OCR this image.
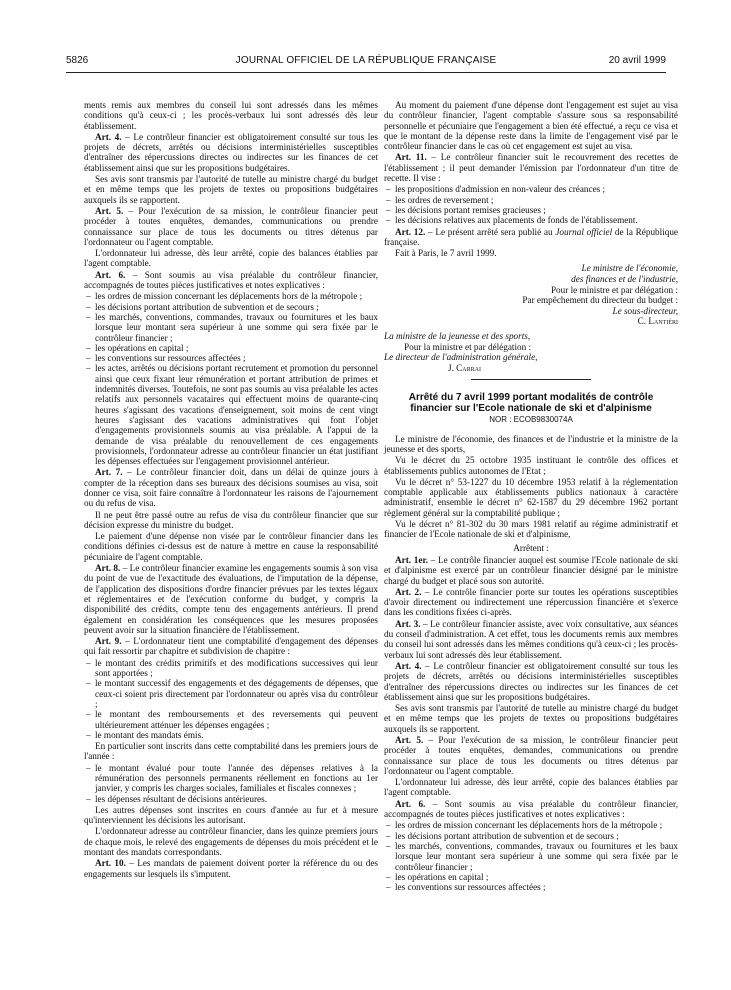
5826	JOURNAL OFFICIEL DE LA RÉPUBLIQUE FRANÇAISE	20 avril 1999

ments remis aux membres du conseil lui sont adressés dans les mêmes conditions qu'à ceux-ci ; les procès-verbaux lui sont adressés dès leur établissement.

Art. 4. – Le contrôleur financier est obligatoirement consulté sur tous les projets de décrets, arrêtés ou décisions interministérielles susceptibles d'entraîner des répercussions directes ou indirectes sur les finances de cet établissement ainsi que sur les propositions budgétaires.

Ses avis sont transmis par l'autorité de tutelle au ministre chargé du budget et en même temps que les projets de textes ou propositions budgétaires auxquels ils se rapportent.

Art. 5. – Pour l'exécution de sa mission, le contrôleur financier peut procéder à toutes enquêtes, demandes, communications ou prendre connaissance sur place de tous les documents ou titres détenus par l'ordonnateur ou l'agent comptable.

L'ordonnateur lui adresse, dès leur arrêté, copie des balances établies par l'agent comptable.

Art. 6. – Sont soumis au visa préalable du contrôleur financier, accompagnés de toutes pièces justificatives et notes explicatives :

– les ordres de mission concernant les déplacements hors de la métropole ;
– les décisions portant attribution de subvention et de secours ;
– les marchés, conventions, commandes, travaux ou fournitures et les baux lorsque leur montant sera supérieur à une somme qui sera fixée par le contrôleur financier ;
– les opérations en capital ;
– les conventions sur ressources affectées ;
– les actes, arrêtés ou décisions portant recrutement et promotion du personnel ainsi que ceux fixant leur rémunération et portant attribution de primes et indemnités diverses. Toutefois, ne sont pas soumis au visa préalable les actes relatifs aux personnels vacataires qui effectuent moins de quarante-cinq heures s'agissant des vacations d'enseignement, soit moins de cent vingt heures s'agissant des vacations administratives qui font l'objet d'engagements provisionnels soumis au visa préalable. A l'appui de la demande de visa préalable du renouvellement de ces engagements provisionnels, l'ordonnateur adresse au contrôleur financier un état justifiant les dépenses effectuées sur l'engagement provisionnel antérieur.

Art. 7. – Le contrôleur financier doit, dans un délai de quinze jours à compter de la réception dans ses bureaux des décisions soumises au visa, soit donner ce visa, soit faire connaître à l'ordonnateur les raisons de l'ajournement ou du refus de visa.

Il ne peut être passé outre au refus de visa du contrôleur financier que sur décision expresse du ministre du budget.

Le paiement d'une dépense non visée par le contrôleur financier dans les conditions définies ci-dessus est de nature à mettre en cause la responsabilité pécuniaire de l'agent comptable.

Art. 8. – Le contrôleur financier examine les engagements soumis à son visa du point de vue de l'exactitude des évaluations, de l'imputation de la dépense, de l'application des dispositions d'ordre financier prévues par les textes légaux et réglementaires et de l'exécution conforme du budget, y compris la disponibilité des crédits, compte tenu des engagements antérieurs. Il prend également en considération les conséquences que les mesures proposées peuvent avoir sur la situation financière de l'établissement.

Art. 9. – L'ordonnateur tient une comptabilité d'engagement des dépenses qui fait ressortir par chapitre et subdivision de chapitre :

– le montant des crédits primitifs et des modifications successives qui leur sont apportées ;
– le montant successif des engagements et des dégagements de dépenses, que ceux-ci soient pris directement par l'ordonnateur ou après visa du contrôleur ;
– le montant des remboursements et des reversements qui peuvent ultérieurement atténuer les dépenses engagées ;
– le montant des mandats émis.

En particulier sont inscrits dans cette comptabilité dans les premiers jours de l'année :

– le montant évalué pour toute l'année des dépenses relatives à la rémunération des personnels permanents réellement en fonctions au 1er janvier, y compris les charges sociales, familiales et fiscales connexes ;
– les dépenses résultant de décisions antérieures.

Les autres dépenses sont inscrites en cours d'année au fur et à mesure qu'interviennent les décisions les autorisant.

L'ordonnateur adresse au contrôleur financier, dans les quinze premiers jours de chaque mois, le relevé des engagements de dépenses du mois précédent et le montant des mandats correspondants.

Art. 10. – Les mandats de paiement doivent porter la référence du ou des engagements sur lesquels ils s'imputent.

Au moment du paiement d'une dépense dont l'engagement est sujet au visa du contrôleur financier, l'agent comptable s'assure sous sa responsabilité personnelle et pécuniaire que l'engagement a bien été effectué, a reçu ce visa et que le montant de la dépense reste dans la limite de l'engagement visé par le contrôleur financier dans le cas où cet engagement est sujet au visa.

Art. 11. – Le contrôleur financier suit le recouvrement des recettes de l'établissement ; il peut demander l'émission par l'ordonnateur d'un titre de recette. Il vise :

– les propositions d'admission en non-valeur des créances ;
– les ordres de reversement ;
– les décisions portant remises gracieuses ;
– les décisions relatives aux placements de fonds de l'établissement.

Art. 12. – Le présent arrêté sera publié au Journal officiel de la République française.

Fait à Paris, le 7 avril 1999.

Le ministre de l'économie,
des finances et de l'industrie,
Pour le ministre et par délégation :
Par empêchement du directeur du budget :
Le sous-directeur,
C. Lantiéri
La ministre de la jeunesse et des sports,
Pour la ministre et par délégation :
Le directeur de l'administration générale,
J. Carrai
Arrêté du 7 avril 1999 portant modalités de contrôle financier sur l'Ecole nationale de ski et d'alpinisme
NOR : ECOB9830074A

Le ministre de l'économie, des finances et de l'industrie et la ministre de la jeunesse et des sports,

Vu le décret du 25 octobre 1935 instituant le contrôle des offices et établissements publics autonomes de l'Etat ;

Vu le décret n° 53-1227 du 10 décembre 1953 relatif à la réglementation comptable applicable aux établissements publics nationaux à caractère administratif, ensemble le décret n° 62-1587 du 29 décembre 1962 portant règlement général sur la comptabilité publique ;

Vu le décret n° 81-302 du 30 mars 1981 relatif au régime administratif et financier de l'Ecole nationale de ski et d'alpinisme,

Arrêtent :

Art. 1er. – Le contrôle financier auquel est soumise l'Ecole nationale de ski et d'alpinisme est exercé par un contrôleur financier désigné par le ministre chargé du budget et placé sous son autorité.

Art. 2. – Le contrôle financier porte sur toutes les opérations susceptibles d'avoir directement ou indirectement une répercussion financière et s'exerce dans les conditions fixées ci-après.

Art. 3. – Le contrôleur financier assiste, avec voix consultative, aux séances du conseil d'administration. A cet effet, tous les documents remis aux membres du conseil lui sont adressés dans les mêmes conditions qu'à ceux-ci ; les procès-verbaux lui sont adressés dès leur établissement.

Art. 4. – Le contrôleur financier est obligatoirement consulté sur tous les projets de décrets, arrêtés ou décisions interministérielles susceptibles d'entraîner des répercussions directes ou indirectes sur les finances de cet établissement ainsi que sur les propositions budgétaires.

Ses avis sont transmis par l'autorité de tutelle au ministre chargé du budget et en même temps que les projets de textes ou propositions budgétaires auxquels ils se rapportent.

Art. 5. – Pour l'exécution de sa mission, le contrôleur financier peut procéder à toutes enquêtes, demandes, communications ou prendre connaissance sur place de tous les documents ou titres détenus par l'ordonnateur ou l'agent comptable.

L'ordonnateur lui adresse, dès leur arrêté, copie des balances établies par l'agent comptable.

Art. 6. – Sont soumis au visa préalable du contrôleur financier, accompagnés de toutes pièces justificatives et notes explicatives :

– les ordres de mission concernant les déplacements hors de la métropole ;
– les décisions portant attribution de subvention et de secours ;
– les marchés, conventions, commandes, travaux ou fournitures et les baux lorsque leur montant sera supérieur à une somme qui sera fixée par le contrôleur financier ;
– les opérations en capital ;
– les conventions sur ressources affectées ;
